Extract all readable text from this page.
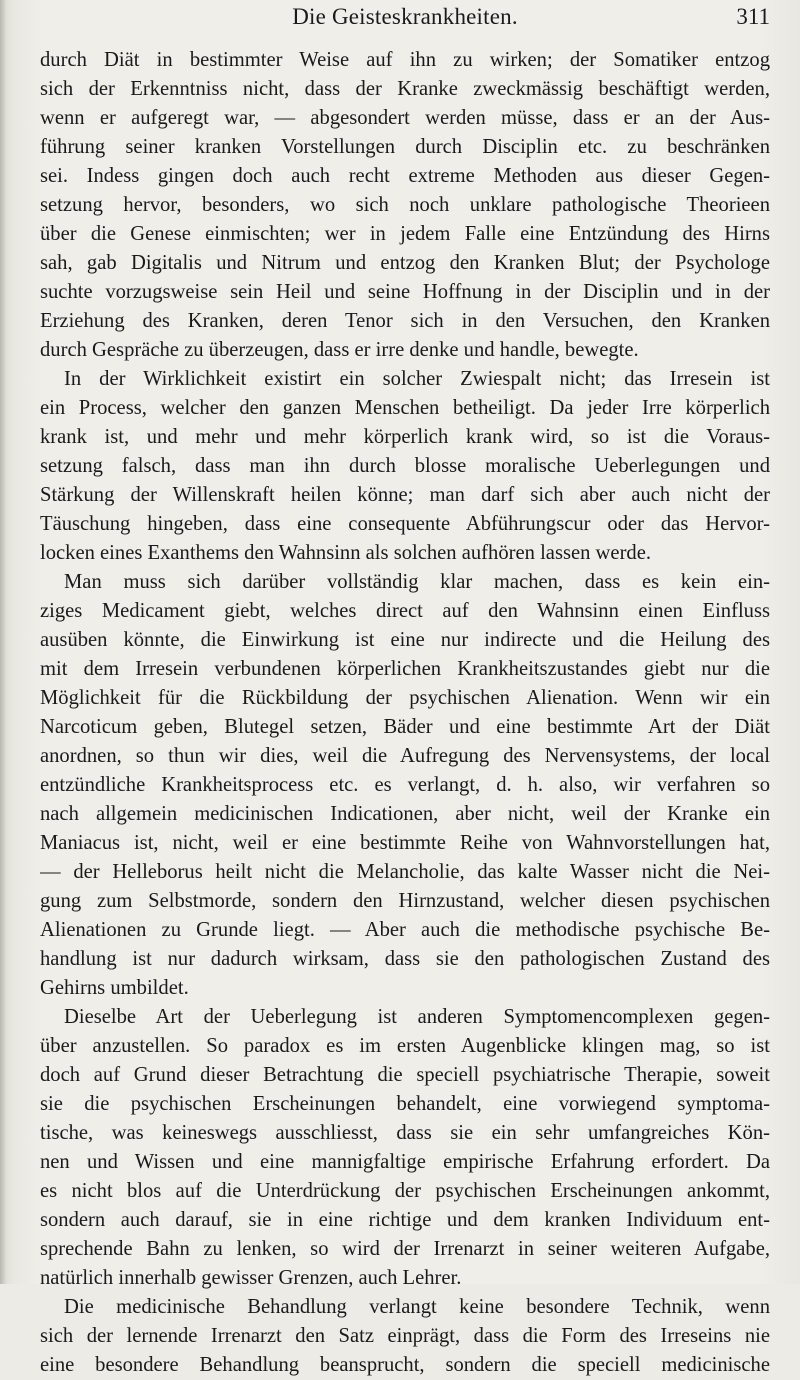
Die Geisteskrankheiten.	311
durch Diät in bestimmter Weise auf ihn zu wirken; der Somatiker entzog
sich der Erkenntniss nicht, dass der Kranke zweckmässig beschäftigt werden,
wenn er aufgeregt war, — abgesondert werden müsse, dass er an der Aus-
führung seiner kranken Vorstellungen durch Disciplin etc. zu beschränken
sei. Indess gingen doch auch recht extreme Methoden aus dieser Gegen-
setzung hervor, besonders, wo sich noch unklare pathologische Theorieen
über die Genese einmischten; wer in jedem Falle eine Entzündung des Hirns
sah, gab Digitalis und Nitrum und entzog den Kranken Blut; der Psychologe
suchte vorzugsweise sein Heil und seine Hoffnung in der Disciplin und in der
Erziehung des Kranken, deren Tenor sich in den Versuchen, den Kranken
durch Gespräche zu überzeugen, dass er irre denke und handle, bewegte.
In der Wirklichkeit existirt ein solcher Zwiespalt nicht; das Irresein ist
ein Process, welcher den ganzen Menschen betheiligt. Da jeder Irre körperlich
krank ist, und mehr und mehr körperlich krank wird, so ist die Voraus-
setzung falsch, dass man ihn durch blosse moralische Ueberlegungen und
Stärkung der Willenskraft heilen könne; man darf sich aber auch nicht der
Täuschung hingeben, dass eine consequente Abführungscur oder das Hervor-
locken eines Exanthems den Wahnsinn als solchen aufhören lassen werde.
Man muss sich darüber vollständig klar machen, dass es kein ein-
ziges Medicament giebt, welches direct auf den Wahnsinn einen Einfluss
ausüben könnte, die Einwirkung ist eine nur indirecte und die Heilung des
mit dem Irresein verbundenen körperlichen Krankheitszustandes giebt nur die
Möglichkeit für die Rückbildung der psychischen Alienation. Wenn wir ein
Narcoticum geben, Blutegel setzen, Bäder und eine bestimmte Art der Diät
anordnen, so thun wir dies, weil die Aufregung des Nervensystems, der local
entzündliche Krankheitsprocess etc. es verlangt, d. h. also, wir verfahren so
nach allgemein medicinischen Indicationen, aber nicht, weil der Kranke ein
Maniacus ist, nicht, weil er eine bestimmte Reihe von Wahnvorstellungen hat,
— der Helleborus heilt nicht die Melancholie, das kalte Wasser nicht die Nei-
gung zum Selbstmorde, sondern den Hirnzustand, welcher diesen psychischen
Alienationen zu Grunde liegt. — Aber auch die methodische psychische Be-
handlung ist nur dadurch wirksam, dass sie den pathologischen Zustand des
Gehirns umbildet.
Dieselbe Art der Ueberlegung ist anderen Symptomencomplexen gegen-
über anzustellen. So paradox es im ersten Augenblicke klingen mag, so ist
doch auf Grund dieser Betrachtung die speciell psychiatrische Therapie, soweit
sie die psychischen Erscheinungen behandelt, eine vorwiegend symptoma-
tische, was keineswegs ausschliesst, dass sie ein sehr umfangreiches Kön-
nen und Wissen und eine mannigfaltige empirische Erfahrung erfordert. Da
es nicht blos auf die Unterdrückung der psychischen Erscheinungen ankommt,
sondern auch darauf, sie in eine richtige und dem kranken Individuum ent-
sprechende Bahn zu lenken, so wird der Irrenarzt in seiner weiteren Aufgabe,
natürlich innerhalb gewisser Grenzen, auch Lehrer.
Die medicinische Behandlung verlangt keine besondere Technik, wenn
sich der lernende Irrenarzt den Satz einprägt, dass die Form des Irreseins nie
eine besondere Behandlung beansprucht, sondern die speciell medicinische
